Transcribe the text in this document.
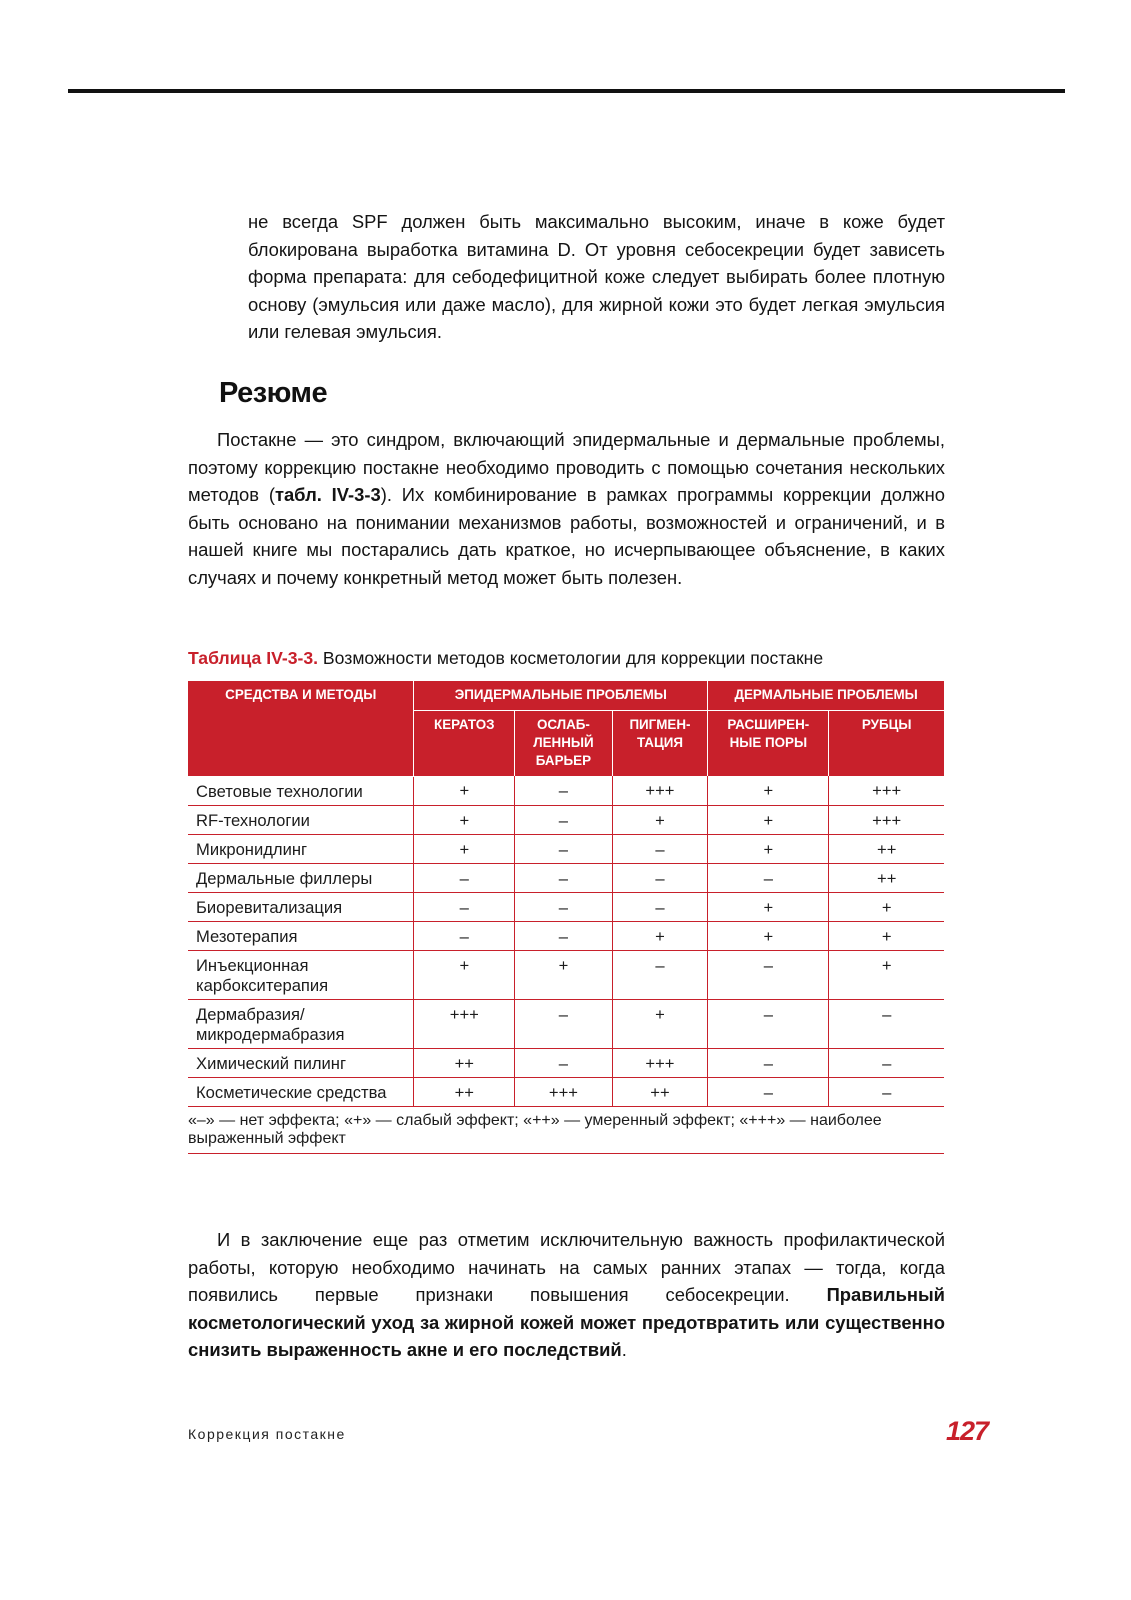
не всегда SPF должен быть максимально высоким, иначе в коже будет блокирована выработка витамина D. От уровня себосекреции будет зависеть форма препарата: для себодефицитной коже следует выбирать более плотную основу (эмульсия или даже масло), для жирной кожи это будет легкая эмульсия или гелевая эмульсия.

Резюме

Постакне — это синдром, включающий эпидермальные и дермальные проблемы, поэтому коррекцию постакне необходимо проводить с помощью сочетания нескольких методов (табл. IV-3-3). Их комбинирование в рамках программы коррекции должно быть основано на понимании механизмов работы, возможностей и ограничений, и в нашей книге мы постарались дать краткое, но исчерпывающее объяснение, в каких случаях и почему конкретный метод может быть полезен.

Таблица IV-3-3. Возможности методов косметологии для коррекции постакне
СРЕДСТВА И МЕТОДЫ	ЭПИДЕРМАЛЬНЫЕ ПРОБЛЕМЫ			ДЕРМАЛЬНЫЕ ПРОБЛЕМЫ	
	КЕРАТОЗ	ОСЛАБ-ЛЕННЫЙ БАРЬЕР	ПИГМЕН-ТАЦИЯ	РАСШИРЕН-НЫЕ ПОРЫ	РУБЦЫ
Световые технологии	+	–	+++	+	+++
RF-технологии	+	–	+	+	+++
Микронидлинг	+	–	–	+	++
Дермальные филлеры	–	–	–	–	++
Биоревитализация	–	–	–	+	+
Мезотерапия	–	–	+	+	+
Инъекционная карбокситерапия	+	+	–	–	+
Дермабразия/ микродермабразия	+++	–	+	–	–
Химический пилинг	++	–	+++	–	–
Косметические средства	++	+++	++	–	–
«–» — нет эффекта; «+» — слабый эффект; «++» — умеренный эффект; «+++» — наиболее выраженный эффект					

И в заключение еще раз отметим исключительную важность профилактической работы, которую необходимо начинать на самых ранних этапах — тогда, когда появились первые признаки повышения себосекреции. Правильный косметологический уход за жирной кожей может предотвратить или существенно снизить выраженность акне и его последствий.

Коррекция постакне	127
